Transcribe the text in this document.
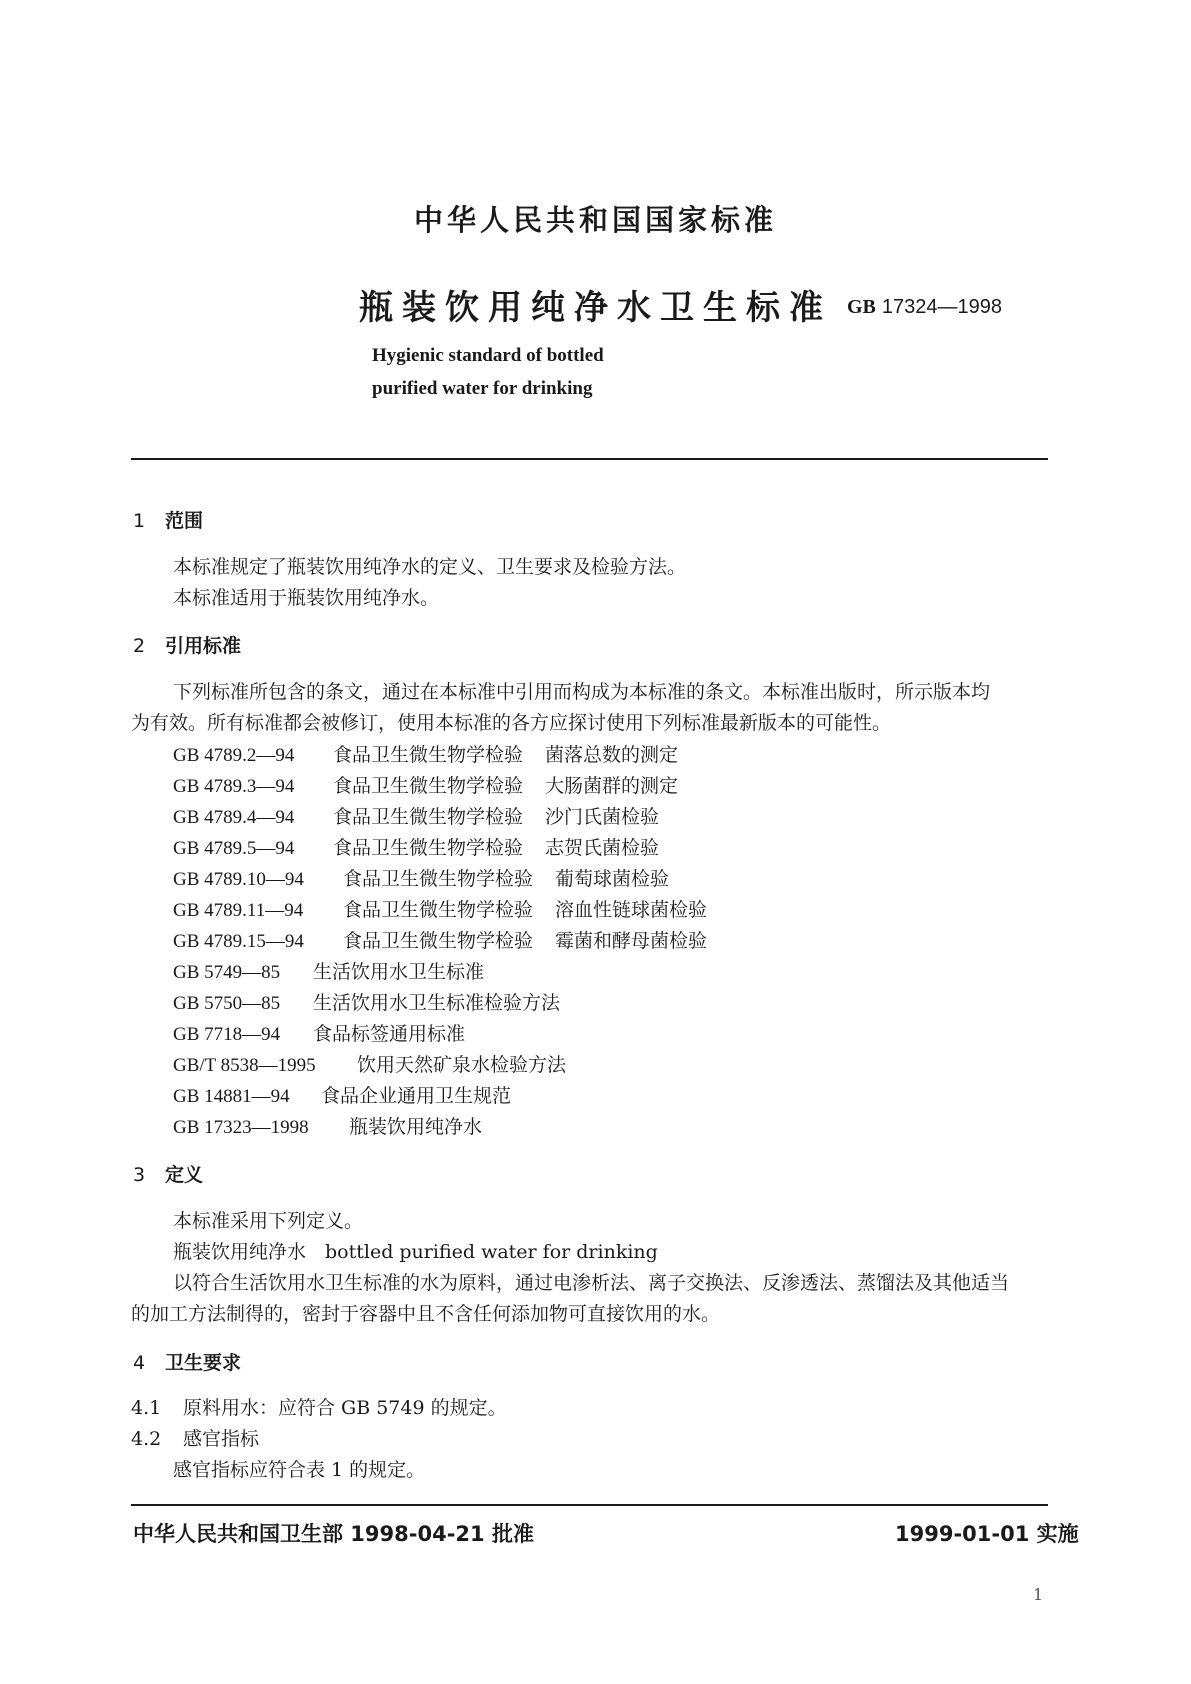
中华人民共和国国家标准
瓶装饮用纯净水卫生标准 GB 17324—1998
Hygienic standard of bottled
purified water for drinking
1 范围
本标准规定了瓶装饮用纯净水的定义、卫生要求及检验方法。
本标准适用于瓶装饮用纯净水。
2 引用标准
下列标准所包含的条文，通过在本标准中引用而构成为本标准的条文。本标准出版时，所示版本均
为有效。所有标准都会被修订，使用本标准的各方应探讨使用下列标准最新版本的可能性。
GB 4789.2—94 食品卫生微生物学检验 菌落总数的测定
GB 4789.3—94 食品卫生微生物学检验 大肠菌群的测定
GB 4789.4—94 食品卫生微生物学检验 沙门氏菌检验
GB 4789.5—94 食品卫生微生物学检验 志贺氏菌检验
GB 4789.10—94 食品卫生微生物学检验 葡萄球菌检验
GB 4789.11—94 食品卫生微生物学检验 溶血性链球菌检验
GB 4789.15—94 食品卫生微生物学检验 霉菌和酵母菌检验
GB 5749—85 生活饮用水卫生标准
GB 5750—85 生活饮用水卫生标准检验方法
GB 7718—94 食品标签通用标准
GB/T 8538—1995 饮用天然矿泉水检验方法
GB 14881—94 食品企业通用卫生规范
GB 17323—1998 瓶装饮用纯净水
3 定义
本标准采用下列定义。
瓶装饮用纯净水　bottled purified water for drinking
以符合生活饮用水卫生标准的水为原料，通过电渗析法、离子交换法、反渗透法、蒸馏法及其他适当
的加工方法制得的，密封于容器中且不含任何添加物可直接饮用的水。
4 卫生要求
4.1 原料用水：应符合 GB 5749 的规定。
4.2 感官指标
感官指标应符合表 1 的规定。
中华人民共和国卫生部 1998-04-21 批准	1999-01-01 实施
1
